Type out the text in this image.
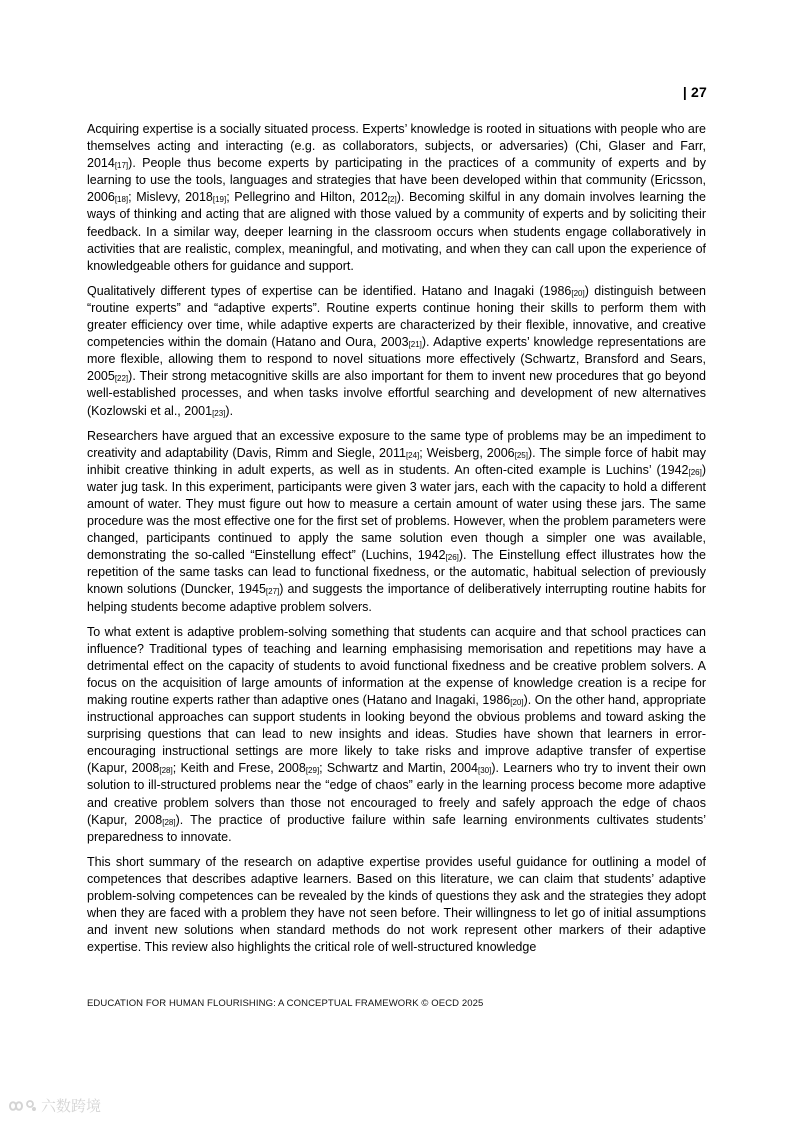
| 27

Acquiring expertise is a socially situated process. Experts’ knowledge is rooted in situations with people who are themselves acting and interacting (e.g. as collaborators, subjects, or adversaries) (Chi, Glaser and Farr, $2014_{[17]}$). People thus become experts by participating in the practices of a community of experts and by learning to use the tools, languages and strategies that have been developed within that community (Ericsson, $2006_{[18]}$; Mislevy, $2018_{[19]}$; Pellegrino and Hilton, $2012_{[2]}$). Becoming skilful in any domain involves learning the ways of thinking and acting that are aligned with those valued by a community of experts and by soliciting their feedback. In a similar way, deeper learning in the classroom occurs when students engage collaboratively in activities that are realistic, complex, meaningful, and motivating, and when they can call upon the experience of knowledgeable others for guidance and support.

Qualitatively different types of expertise can be identified. Hatano and Inagaki $(1986_{[20]})$ distinguish between “routine experts” and “adaptive experts”. Routine experts continue honing their skills to perform them with greater efficiency over time, while adaptive experts are characterized by their flexible, innovative, and creative competencies within the domain (Hatano and Oura, $2003_{[21]}$). Adaptive experts’ knowledge representations are more flexible, allowing them to respond to novel situations more effectively (Schwartz, Bransford and Sears, $2005_{[22]}$). Their strong metacognitive skills are also important for them to invent new procedures that go beyond well-established processes, and when tasks involve effortful searching and development of new alternatives (Kozlowski et al., $2001_{[23]}$).

Researchers have argued that an excessive exposure to the same type of problems may be an impediment to creativity and adaptability (Davis, Rimm and Siegle, $2011_{[24]}$; Weisberg, $2006_{[25]}$). The simple force of habit may inhibit creative thinking in adult experts, as well as in students. An often-cited example is Luchins’ $(1942_{[26]})$ water jug task. In this experiment, participants were given 3 water jars, each with the capacity to hold a different amount of water. They must figure out how to measure a certain amount of water using these jars. The same procedure was the most effective one for the first set of problems. However, when the problem parameters were changed, participants continued to apply the same solution even though a simpler one was available, demonstrating the so-called “Einstellung effect” (Luchins, $1942_{[26]}$). The Einstellung effect illustrates how the repetition of the same tasks can lead to functional fixedness, or the automatic, habitual selection of previously known solutions (Duncker, $1945_{[27]}$) and suggests the importance of deliberatively interrupting routine habits for helping students become adaptive problem solvers.

To what extent is adaptive problem-solving something that students can acquire and that school practices can influence? Traditional types of teaching and learning emphasising memorisation and repetitions may have a detrimental effect on the capacity of students to avoid functional fixedness and be creative problem solvers. A focus on the acquisition of large amounts of information at the expense of knowledge creation is a recipe for making routine experts rather than adaptive ones (Hatano and Inagaki, $1986_{[20]}$). On the other hand, appropriate instructional approaches can support students in looking beyond the obvious problems and toward asking the surprising questions that can lead to new insights and ideas. Studies have shown that learners in error-encouraging instructional settings are more likely to take risks and improve adaptive transfer of expertise (Kapur, $2008_{[28]}$; Keith and Frese, $2008_{[29]}$; Schwartz and Martin, $2004_{[30]}$). Learners who try to invent their own solution to ill-structured problems near the “edge of chaos” early in the learning process become more adaptive and creative problem solvers than those not encouraged to freely and safely approach the edge of chaos (Kapur, $2008_{[28]}$). The practice of productive failure within safe learning environments cultivates students’ preparedness to innovate.

This short summary of the research on adaptive expertise provides useful guidance for outlining a model of competences that describes adaptive learners. Based on this literature, we can claim that students’ adaptive problem-solving competences can be revealed by the kinds of questions they ask and the strategies they adopt when they are faced with a problem they have not seen before. Their willingness to let go of initial assumptions and invent new solutions when standard methods do not work represent other markers of their adaptive expertise. This review also highlights the critical role of well-structured knowledge

EDUCATION FOR HUMAN FLOURISHING: A CONCEPTUAL FRAMEWORK © OECD 2025
六数跨境
